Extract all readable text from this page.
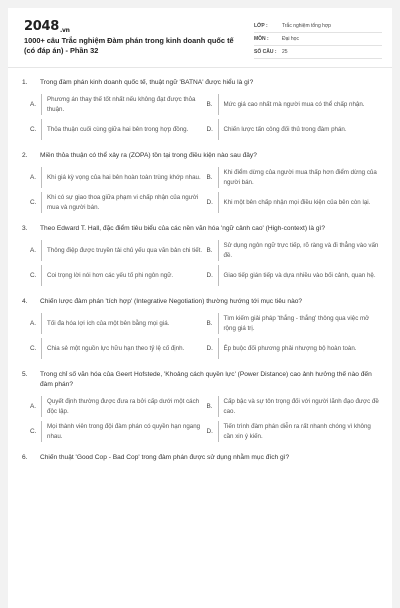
2048.vn
1000+ câu Trắc nghiệm Đàm phán trong kinh doanh quốc tế (có đáp án) - Phần 32
LỚP :	Trắc nghiệm tổng hợp
MÔN :	Đại học
SỐ CÂU :	25
1.	Trong đàm phán kinh doanh quốc tế, thuật ngữ 'BATNA' được hiểu là gì?
A.
Phương án thay thế tốt nhất nếu không đạt được thỏa thuận.
B.	Mức giá cao nhất mà người mua có thể chấp nhận.
C.	Thỏa thuận cuối cùng giữa hai bên trong hợp đồng.	D.	Chiến lược tấn công đối thủ trong đàm phán.
2.	Miền thỏa thuận có thể xảy ra (ZOPA) tồn tại trong điều kiện nào sau đây?
A.	Khi giá kỳ vọng của hai bên hoàn toàn trùng khớp nhau. B.
Khi điểm dừng của người mua thấp hơn điểm dừng của người bán.
C.
Khi có sự giao thoa giữa phạm vi chấp nhận của người mua và người bán.
D.	Khi một bên chấp nhận mọi điều kiện của bên còn lại.
3.	Theo Edward T. Hall, đặc điểm tiêu biểu của các nền văn hóa 'ngữ cảnh cao' (High-context) là gì?
A.	Thông điệp được truyền tải chủ yếu qua văn bản chi tiết. B.
Sử dụng ngôn ngữ trực tiếp, rõ ràng và đi thẳng vào vấn đề.
C.	Coi trọng lời nói hơn các yếu tố phi ngôn ngữ.	D.	Giao tiếp gián tiếp và dựa nhiều vào bối cảnh, quan hệ.
4.	Chiến lược đàm phán 'tích hợp' (Integrative Negotiation) thường hướng tới mục tiêu nào?
A.	Tối đa hóa lợi ích của một bên bằng mọi giá.	B.
Tìm kiếm giải pháp 'thắng - thắng' thông qua việc mở rộng giá trị.
C.	Chia sẻ một nguồn lực hữu hạn theo tỷ lệ cố định.	D.	Ép buộc đối phương phải nhượng bộ hoàn toàn.
5.	Trong chỉ số văn hóa của Geert Hofstede, 'Khoảng cách quyền lực' (Power Distance) cao ảnh hưởng thế nào đến đàm phán?
A.
Quyết định thường được đưa ra bởi cấp dưới một cách độc lập.
B.
Cấp bậc và sự tôn trọng đối với người lãnh đạo được đề cao.
C.
Mọi thành viên trong đội đàm phán có quyền hạn ngang nhau.
D.
Tiến trình đàm phán diễn ra rất nhanh chóng vì không cần xin ý kiến.
6.	Chiến thuật 'Good Cop - Bad Cop' trong đàm phán được sử dụng nhằm mục đích gì?
